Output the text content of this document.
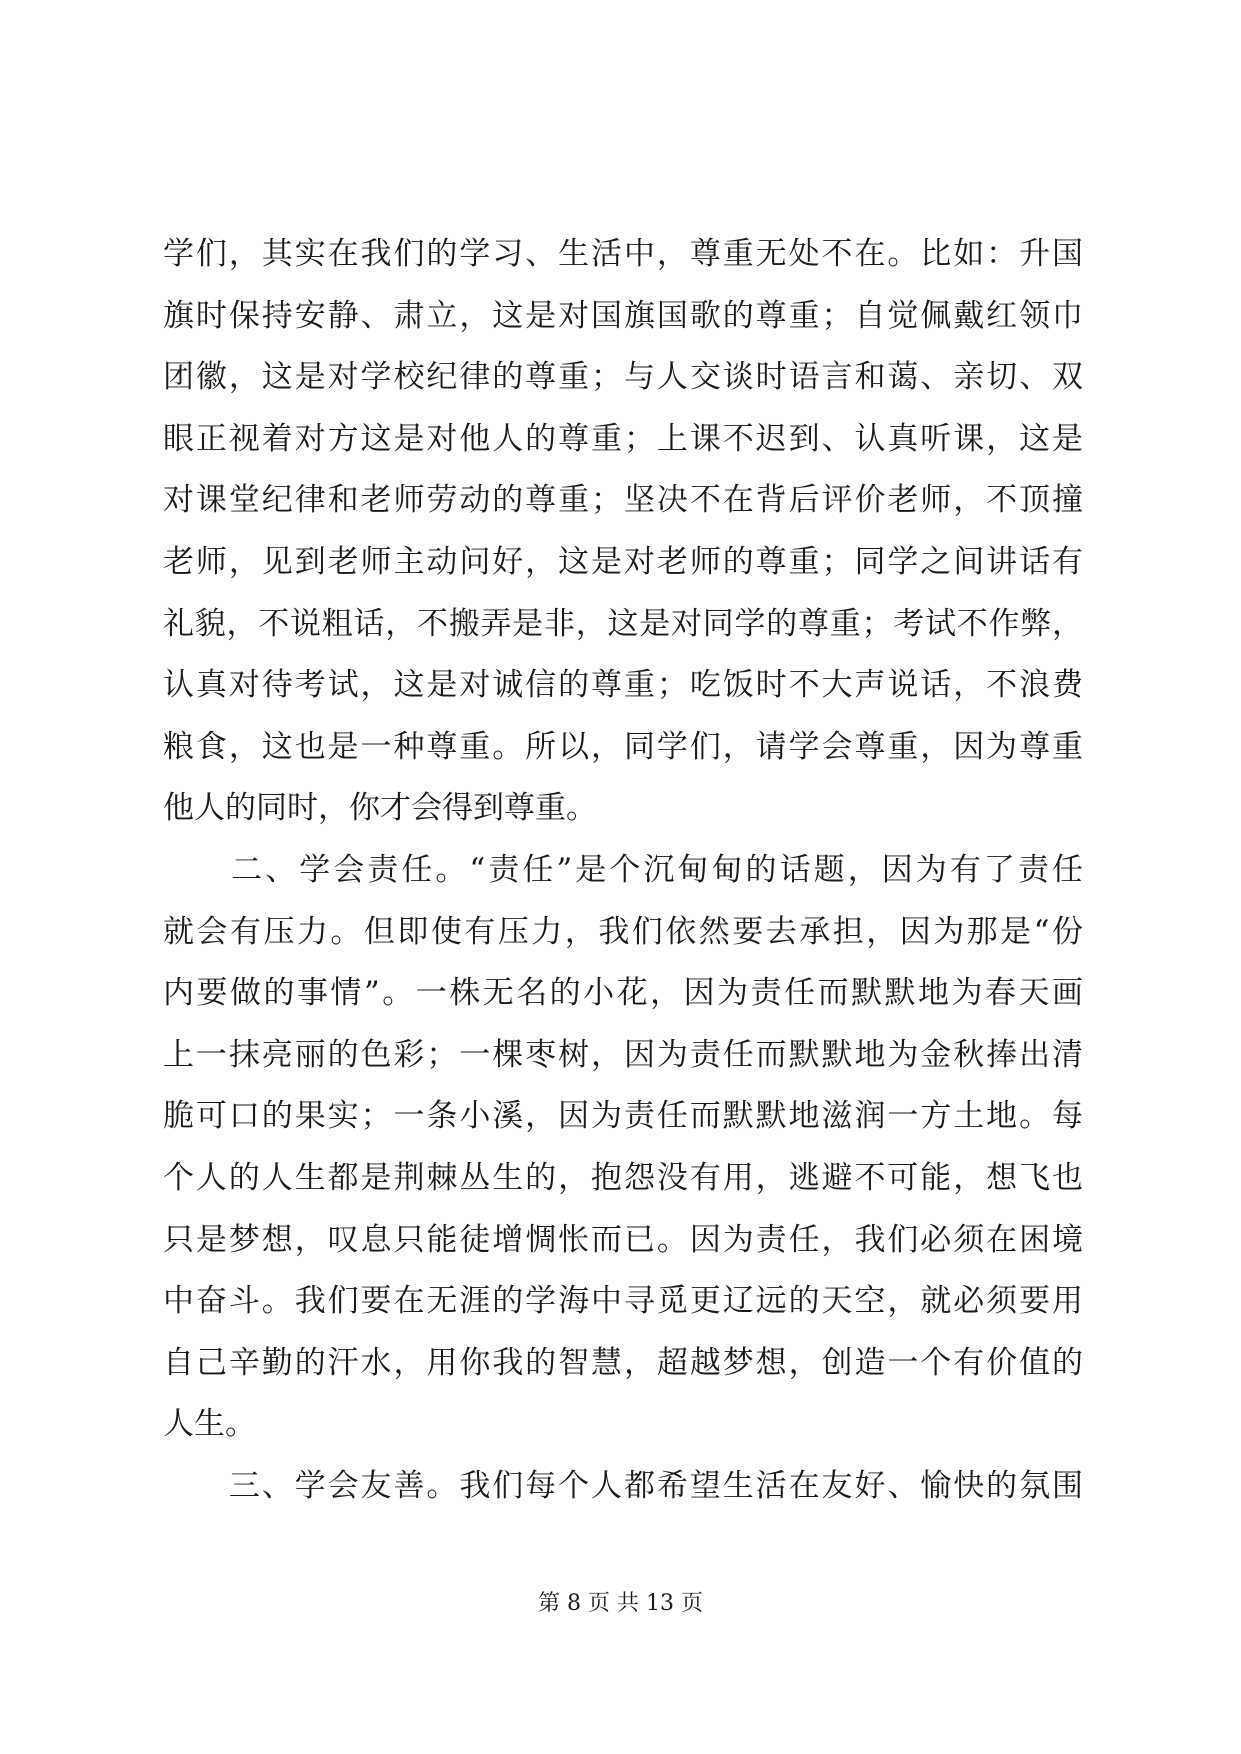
学们，其实在我们的学习、生活中，尊重无处不在。比如：升国
旗时保持安静、肃立，这是对国旗国歌的尊重；自觉佩戴红领巾
团徽，这是对学校纪律的尊重；与人交谈时语言和蔼、亲切、双
眼正视着对方这是对他人的尊重；上课不迟到、认真听课，这是
对课堂纪律和老师劳动的尊重；坚决不在背后评价老师，不顶撞
老师，见到老师主动问好，这是对老师的尊重；同学之间讲话有
礼貌，不说粗话，不搬弄是非，这是对同学的尊重；考试不作弊，
认真对待考试，这是对诚信的尊重；吃饭时不大声说话，不浪费
粮食，这也是一种尊重。所以，同学们，请学会尊重，因为尊重
他人的同时，你才会得到尊重。
　　二、学会责任。“责任”是个沉甸甸的话题，因为有了责任
就会有压力。但即使有压力，我们依然要去承担，因为那是“份
内要做的事情”。一株无名的小花，因为责任而默默地为春天画
上一抹亮丽的色彩；一棵枣树，因为责任而默默地为金秋捧出清
脆可口的果实；一条小溪，因为责任而默默地滋润一方土地。每
个人的人生都是荆棘丛生的，抱怨没有用，逃避不可能，想飞也
只是梦想，叹息只能徒增惆怅而已。因为责任，我们必须在困境
中奋斗。我们要在无涯的学海中寻觅更辽远的天空，就必须要用
自己辛勤的汗水，用你我的智慧，超越梦想，创造一个有价值的
人生。
　　三、学会友善。我们每个人都希望生活在友好、愉快的氛围
第 8 页 共 13 页
